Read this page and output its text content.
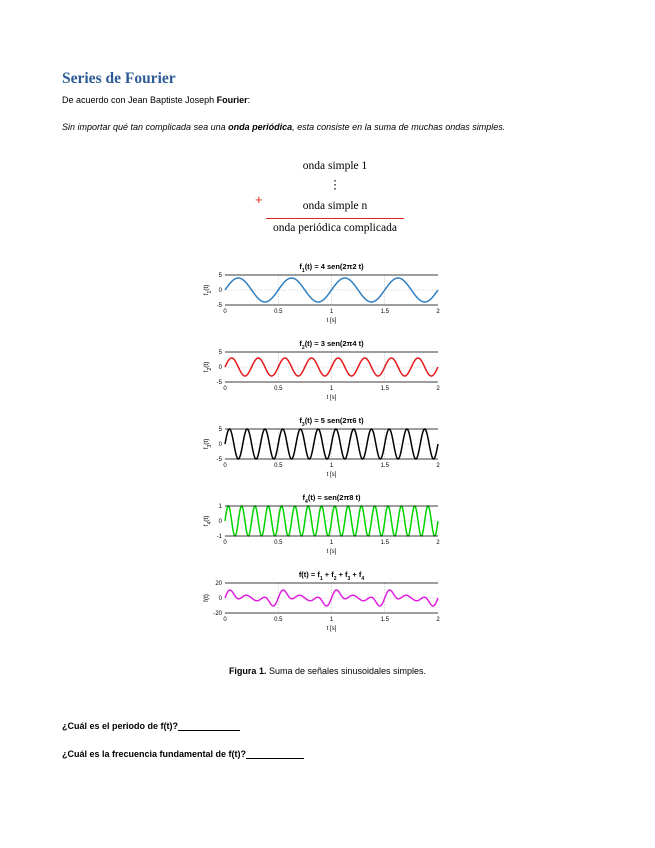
Series de Fourier
De acuerdo con Jean Baptiste Joseph Fourier:
Sin importar qué tan complicada sea una onda periódica, esta consiste en la suma de muchas ondas simples.
onda simple 1
⋮
+	onda simple n
onda periódica complicada
$f_1(t) = 4$ sen(2π2 t)
-5
0
5
0	0.5	1	1.5	2
t [s]
$f_1(t)$
$f_2(t) = 3$ sen(2π4 t)
-5
0
5
0	0.5	1	1.5	2
t [s]
$f_2(t)$
$f_3(t) = 5$ sen(2π6 t)
-5
0
5
0	0.5	1	1.5	2
t [s]
$f_3(t)$
$f_4(t) = sen(2\pi 8$ t)
-1
0
1
0	0.5	1	1.5	2
t [s]
$f_4(t)$
$f(t) = f_1 + f_2 + f_3 + f_4$
-20
0
20
0	0.5	1	1.5	2
t [s]
f(t)
Figura 1. Suma de señales sinusoidales simples.
¿Cuál es el periodo de f(t)?
¿Cuál es la frecuencia fundamental de f(t)?
